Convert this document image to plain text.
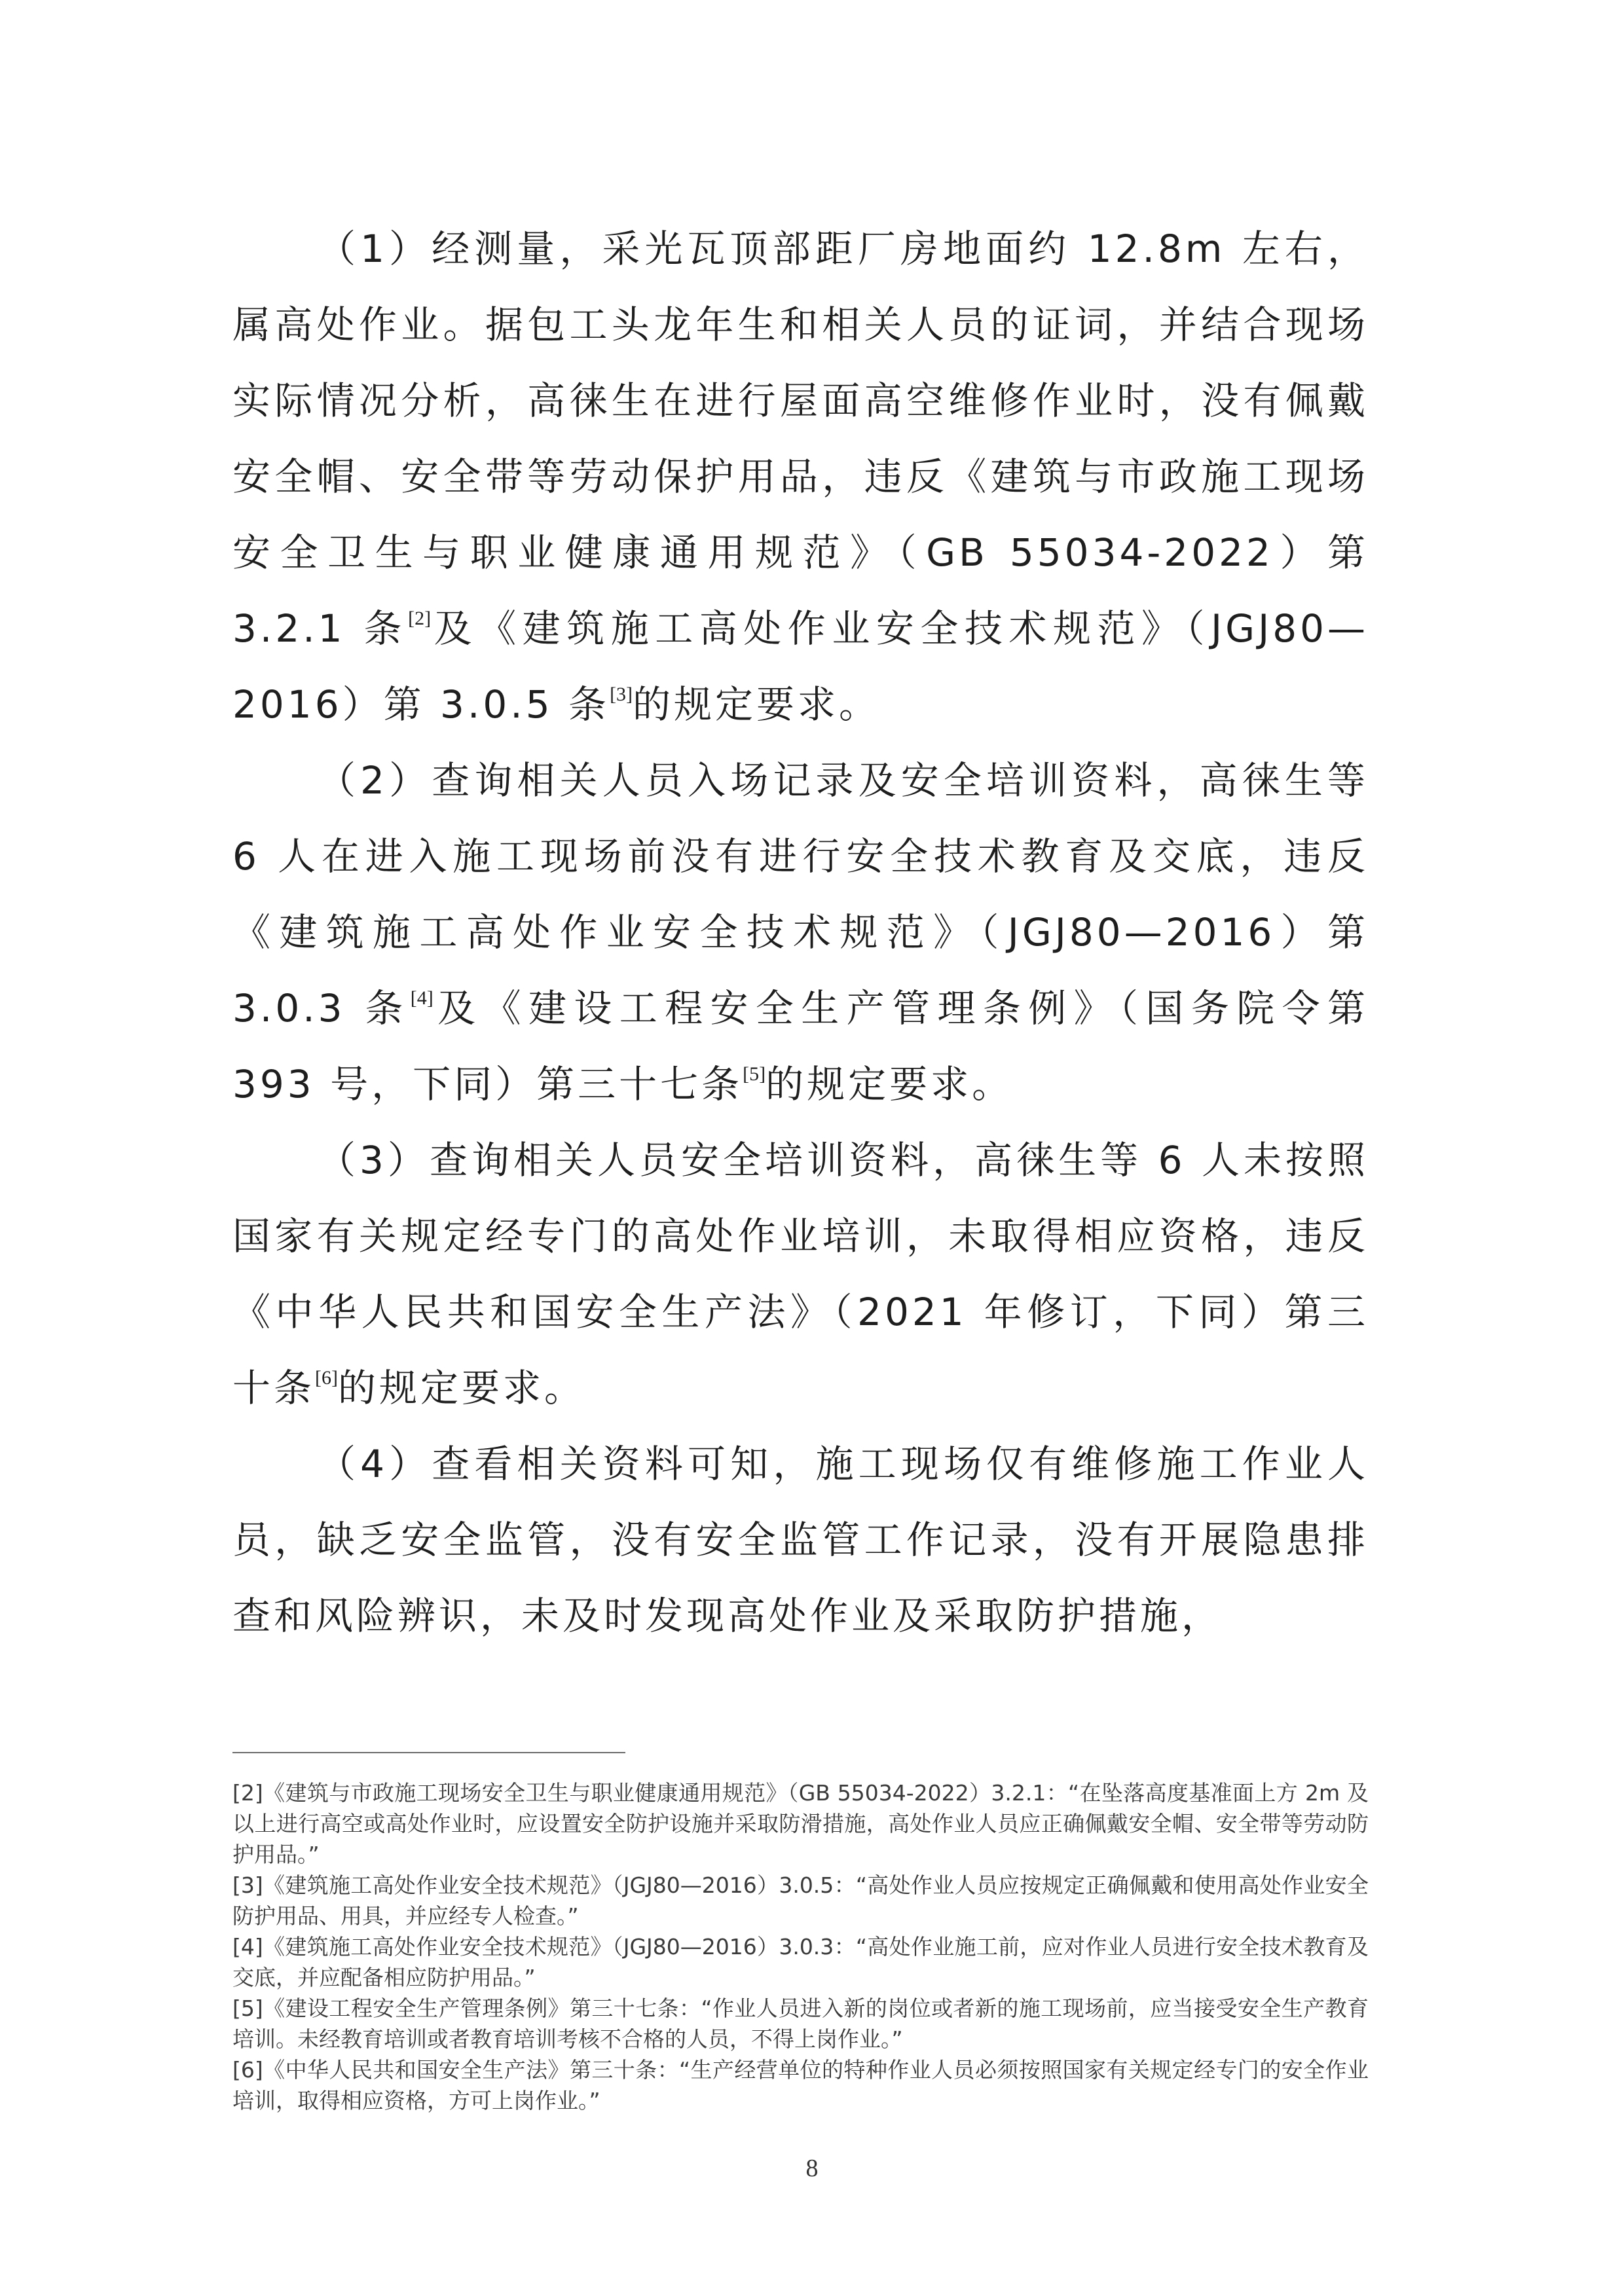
（1）经测量，采光瓦顶部距厂房地面约 12.8m 左右，属高处作业。据包工头龙年生和相关人员的证词，并结合现场实际情况分析，高徕生在进行屋面高空维修作业时，没有佩戴安全帽、安全带等劳动保护用品，违反《建筑与市政施工现场安全卫生与职业健康通用规范》（GB 55034-2022）第 3.2.1 条[2]及《建筑施工高处作业安全技术规范》（JGJ80—2016）第 3.0.5 条[3]的规定要求。

（2）查询相关人员入场记录及安全培训资料，高徕生等 6 人在进入施工现场前没有进行安全技术教育及交底，违反《建筑施工高处作业安全技术规范》（JGJ80—2016）第 3.0.3 条[4]及《建设工程安全生产管理条例》（国务院令第 393 号，下同）第三十七条[5]的规定要求。

（3）查询相关人员安全培训资料，高徕生等 6 人未按照国家有关规定经专门的高处作业培训，未取得相应资格，违反《中华人民共和国安全生产法》（2021 年修订，下同）第三十条[6]的规定要求。

（4）查看相关资料可知，施工现场仅有维修施工作业人员，缺乏安全监管，没有安全监管工作记录，没有开展隐患排查和风险辨识，未及时发现高处作业及采取防护措施，

[2]《建筑与市政施工现场安全卫生与职业健康通用规范》（GB 55034-2022）3.2.1：“在坠落高度基准面上方 2m 及以上进行高空或高处作业时，应设置安全防护设施并采取防滑措施，高处作业人员应正确佩戴安全帽、安全带等劳动防护用品。”

[3]《建筑施工高处作业安全技术规范》（JGJ80—2016）3.0.5：“高处作业人员应按规定正确佩戴和使用高处作业安全防护用品、用具，并应经专人检查。”

[4]《建筑施工高处作业安全技术规范》（JGJ80—2016）3.0.3：“高处作业施工前，应对作业人员进行安全技术教育及交底，并应配备相应防护用品。”

[5]《建设工程安全生产管理条例》第三十七条：“作业人员进入新的岗位或者新的施工现场前，应当接受安全生产教育培训。未经教育培训或者教育培训考核不合格的人员，不得上岗作业。”

[6]《中华人民共和国安全生产法》第三十条：“生产经营单位的特种作业人员必须按照国家有关规定经专门的安全作业培训，取得相应资格，方可上岗作业。”

8
